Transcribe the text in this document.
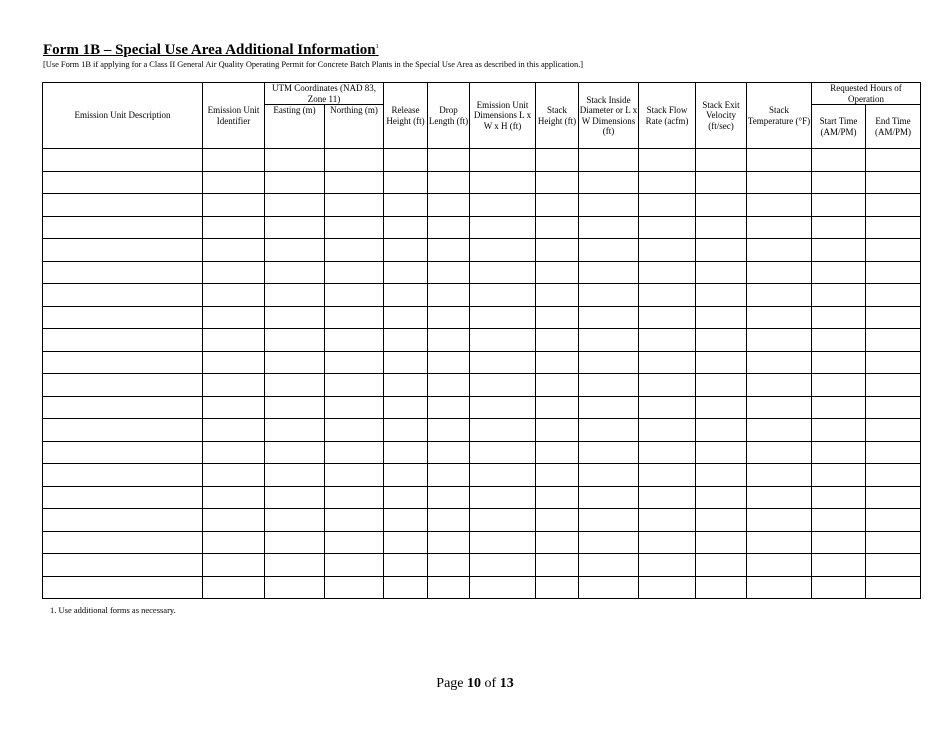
Form 1B – Special Use Area Additional Information$^1$
[Use Form 1B if applying for a Class II General Air Quality Operating Permit for Concrete Batch Plants in the Special Use Area as described in this application.]
Emission Unit Description	Emission Unit Identifier	UTM Coordinates (NAD 83, Zone 11)		Release Height (ft)	Drop Length (ft)	Emission Unit Dimensions L x W x H (ft)	Stack Height (ft)	Stack Inside Diameter or L x W Dimensions (ft)	Stack Flow Rate (acfm)	Stack Exit Velocity (ft/sec)	Stack Temperature (°F)	Requested Hours of Operation	
		Easting (m)	Northing (m)									Start Time (AM/PM)	End Time (AM/PM)

1. Use additional forms as necessary.
Page 10 of 13
